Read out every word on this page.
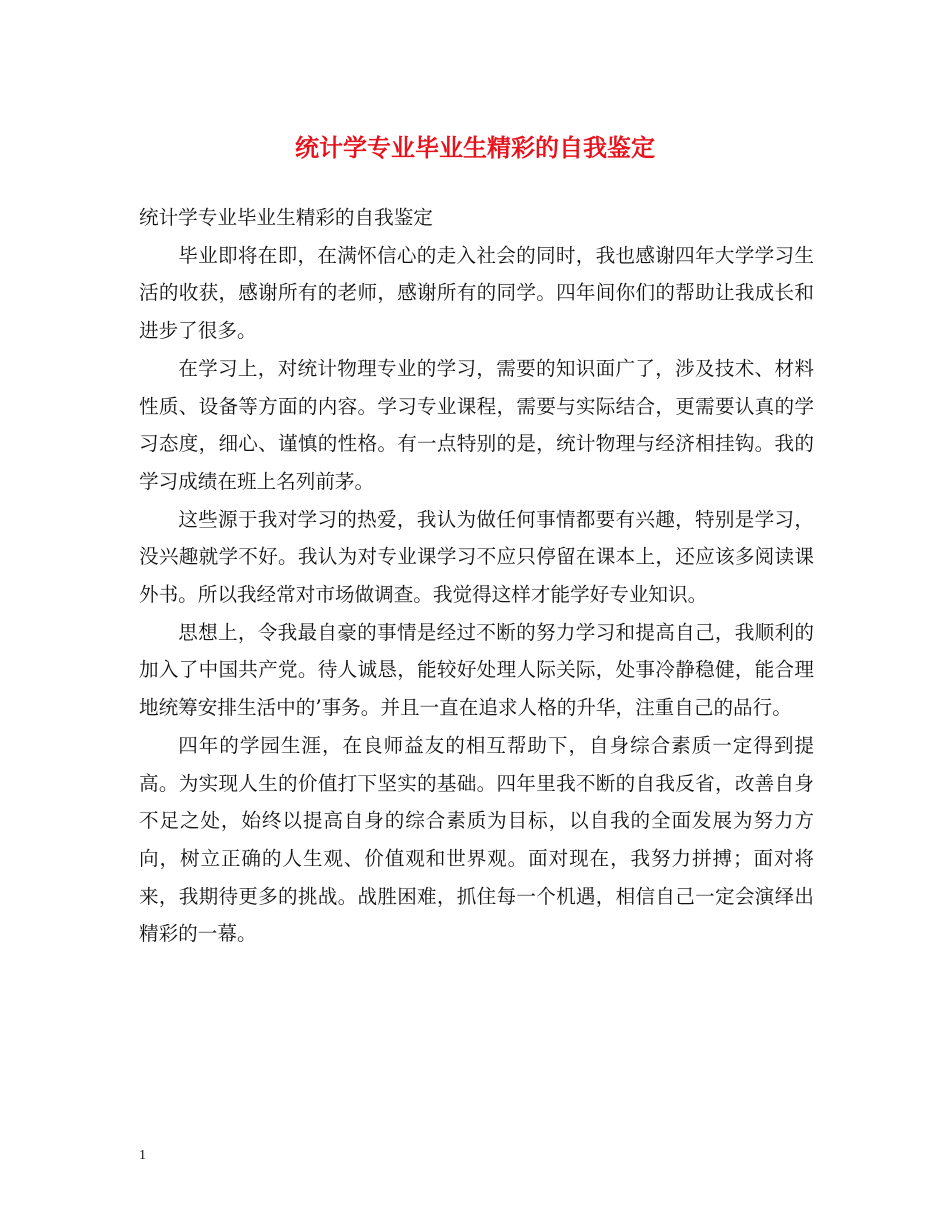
统计学专业毕业生精彩的自我鉴定

统计学专业毕业生精彩的自我鉴定

毕业即将在即，在满怀信心的走入社会的同时，我也感谢四年大学学习生活的收获，感谢所有的老师，感谢所有的同学。四年间你们的帮助让我成长和进步了很多。

在学习上，对统计物理专业的学习，需要的知识面广了，涉及技术、材料性质、设备等方面的内容。学习专业课程，需要与实际结合，更需要认真的学习态度，细心、谨慎的性格。有一点特别的是，统计物理与经济相挂钩。我的学习成绩在班上名列前茅。

这些源于我对学习的热爱，我认为做任何事情都要有兴趣，特别是学习，没兴趣就学不好。我认为对专业课学习不应只停留在课本上，还应该多阅读课外书。所以我经常对市场做调查。我觉得这样才能学好专业知识。

思想上，令我最自豪的事情是经过不断的努力学习和提高自己，我顺利的加入了中国共产党。待人诚恳，能较好处理人际关际，处事冷静稳健，能合理地统筹安排生活中的’事务。并且一直在追求人格的升华，注重自己的品行。

四年的学园生涯，在良师益友的相互帮助下，自身综合素质一定得到提高。为实现人生的价值打下坚实的基础。四年里我不断的自我反省，改善自身不足之处，始终以提高自身的综合素质为目标，以自我的全面发展为努力方向，树立正确的人生观、价值观和世界观。面对现在，我努力拼搏；面对将来，我期待更多的挑战。战胜困难，抓住每一个机遇，相信自己一定会演绎出精彩的一幕。

1
